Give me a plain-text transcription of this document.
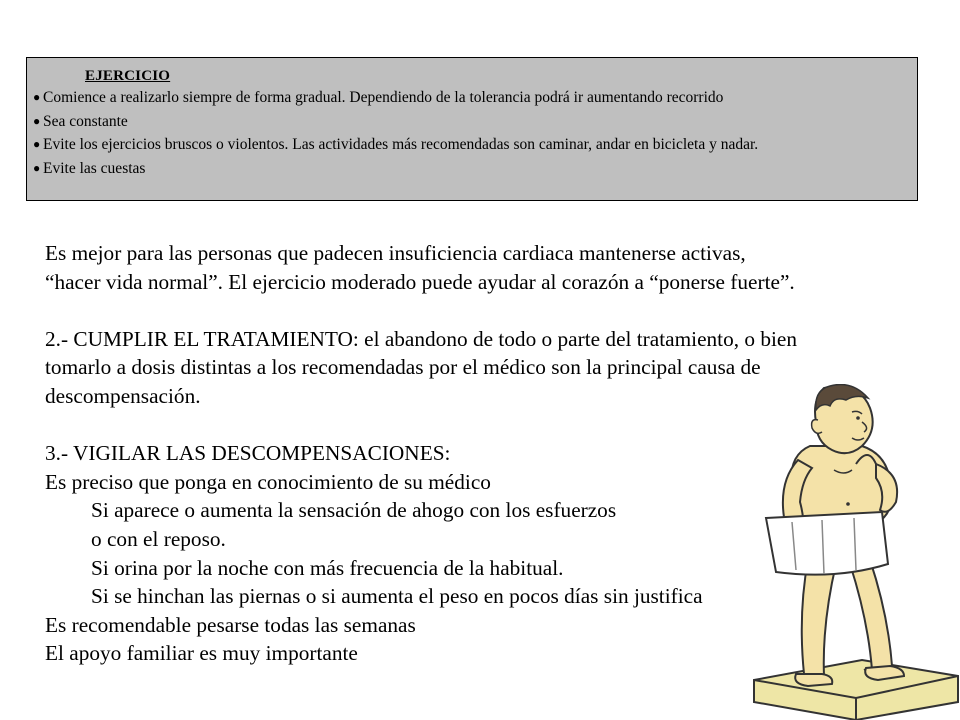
EJERCICIO
● Comience a realizarlo siempre de forma gradual. Dependiendo de la tolerancia podrá ir aumentando recorrido
● Sea constante
● Evite los ejercicios bruscos o violentos. Las actividades más recomendadas son caminar, andar en bicicleta y nadar.
● Evite las cuestas

Es mejor para las personas que padecen insuficiencia cardiaca mantenerse activas,

“hacer vida normal”. El ejercicio moderado puede ayudar al corazón a “ponerse fuerte”.

2.- CUMPLIR EL TRATAMIENTO: el abandono de todo o parte del tratamiento, o bien

tomarlo a dosis distintas a los recomendadas por el médico son la principal causa de

descompensación.

3.- VIGILAR LAS DESCOMPENSACIONES:

Es preciso que ponga en conocimiento de su médico

Si aparece o aumenta la sensación de ahogo con los esfuerzos

o con el reposo.

Si orina por la noche con más frecuencia de la habitual.

Si se hinchan las piernas o si aumenta el peso en pocos días sin justifica

Es recomendable pesarse todas las semanas

El apoyo familiar es muy importante
